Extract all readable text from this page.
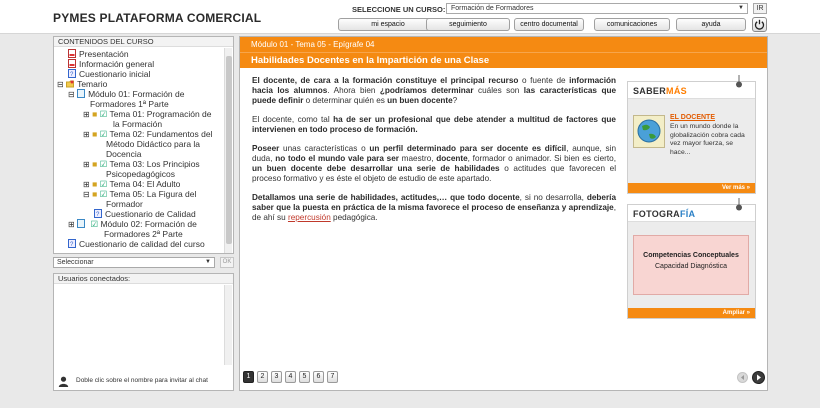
PYMES PLATAFORMA COMERCIAL
SELECCIONE UN CURSO: Formación de Formadores	▼	IR
mi espacio	seguimiento	centro documental	comunicaciones	ayuda
CONTENIDOS DEL CURSO
Presentación
Información general
? Cuestionario inicial
⊟ Temario
⊟ Módulo 01: Formación de
Formadores 1ª Parte
⊞ ■ ☑ Tema 01: Programación de
la Formación
⊞ ■ ☑ Tema 02: Fundamentos del
Método Didáctico para la
Docencia
⊞ ■ ☑ Tema 03: Los Principios
Psicopedagógicos
⊞ ■ ☑ Tema 04: El Adulto
⊟ ■ ☑ Tema 05: La Figura del
Formador
? Cuestionario de Calidad
⊞ ☑ Módulo 02: Formación de
Formadores 2ª Parte
? Cuestionario de calidad del curso
Seleccionar	▼	OK
Usuarios conectados:
Doble clic sobre el nombre para invitar al chat
Módulo 01 - Tema 05 - Epígrafe 04
Habilidades Docentes en la Impartición de una Clase

El docente, de cara a la formación constituye el principal recurso o fuente de información hacia los alumnos. Ahora bien ¿podríamos determinar cuáles son las características que puede definir o determinar quién es un buen docente?

El docente, como tal ha de ser un profesional que debe atender a multitud de factores que intervienen en todo proceso de formación.

Poseer unas características o un perfil determinado para ser docente es difícil, aunque, sin duda, no todo el mundo vale para ser maestro, docente, formador o animador. Si bien es cierto, un buen docente debe desarrollar una serie de habilidades o actitudes que favorecen el proceso formativo y es éste el objeto de estudio de este apartado.

Detallamos una serie de habilidades, actitudes,… que todo docente, si no desarrolla, debería saber que la puesta en práctica de la misma favorece el proceso de enseñanza y aprendizaje, de ahí su repercusión pedagógica.

SABERMÁS
EL DOCENTE
En un mundo donde la globalización cobra cada vez mayor fuerza, se hace...
Ver más »
FOTOGRAFÍA
Competencias Conceptuales
Capacidad Diagnóstica
Ampliar »
1	2	3	4	5	6	7
